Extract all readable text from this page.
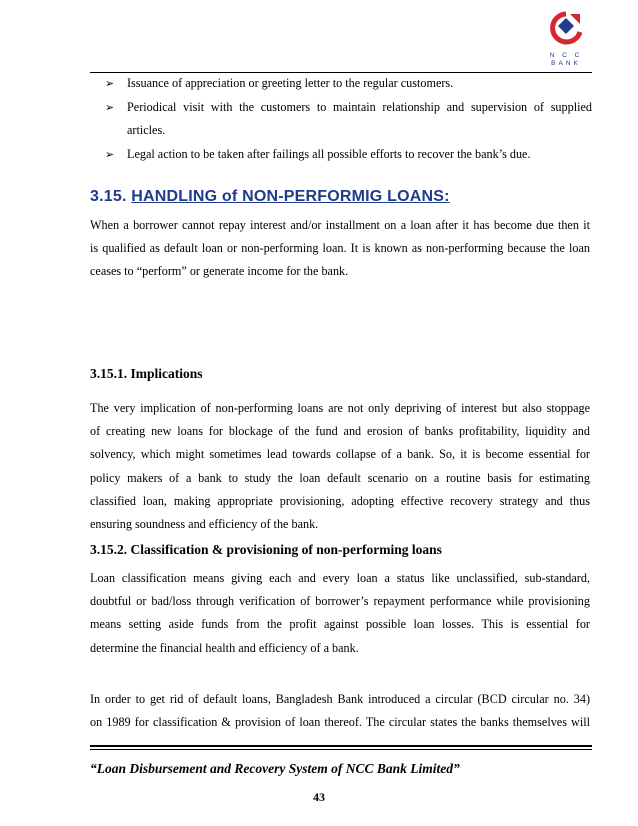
N C C
BANK
➢	Issuance of appreciation or greeting letter to the regular customers.
➢	Periodical visit with the customers to maintain relationship and supervision of supplied
articles.
➢	Legal action to be taken after failings all possible efforts to recover the bank’s due.
3.15. HANDLING of NON-PERFORMIG LOANS:

When a borrower cannot repay interest and/or installment on a loan after it has become due then it
is qualified as default loan or non-performing loan. It is known as non-performing because the loan
ceases to “perform” or generate income for the bank.

3.15.1. Implications

The very implication of non-performing loans are not only depriving of interest but also stoppage
of creating new loans for blockage of the fund and erosion of banks profitability, liquidity and
solvency, which might sometimes lead towards collapse of a bank. So, it is become essential for
policy makers of a bank to study the loan default scenario on a routine basis for estimating
classified loan, making appropriate provisioning, adopting effective recovery strategy and thus
ensuring soundness and efficiency of the bank.

3.15.2. Classification & provisioning of non-performing loans

Loan classification means giving each and every loan a status like unclassified, sub-standard,
doubtful or bad/loss through verification of borrower’s repayment performance while provisioning
means setting aside funds from the profit against possible loan losses. This is essential for
determine the financial health and efficiency of a bank.

In order to get rid of default loans, Bangladesh Bank introduced a circular (BCD circular no. 34)
on 1989 for classification & provision of loan thereof. The circular states the banks themselves will

“Loan Disbursement and Recovery System of NCC Bank Limited”

43
